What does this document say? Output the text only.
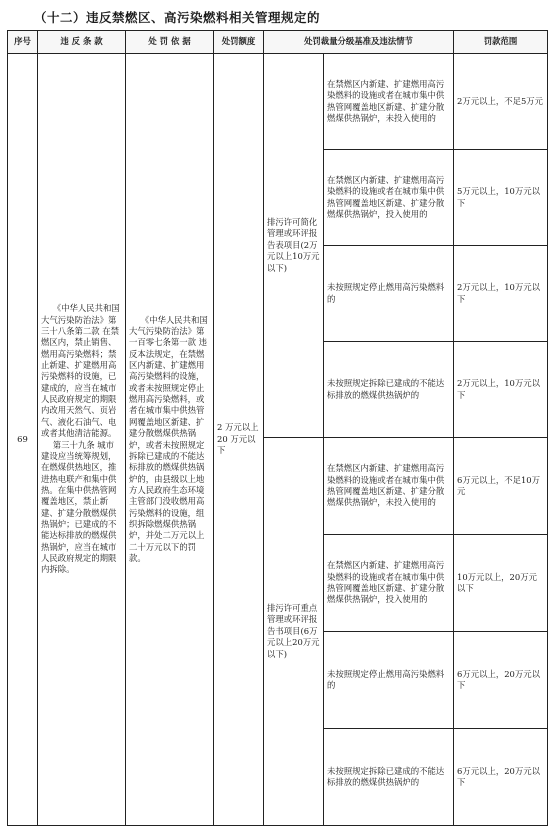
（十二）违反禁燃区、高污染燃料相关管理规定的
序号	违 反 条 款	处 罚 依 据	处罚额度	处罚裁量分级基准及违法情节		罚款范围
69	《中华人民共和国大气污染防治法》第三十八条第二款 在禁燃区内，禁止销售、燃用高污染燃料；禁止新建、扩建燃用高污染燃料的设施，已建成的，应当在城市人民政府规定的期限内改用天然气、页岩气、液化石油气、电或者其他清洁能源。
第三十九条 城市建设应当统筹规划，在燃煤供热地区，推进热电联产和集中供热。在集中供热管网覆盖地区，禁止新建、扩建分散燃煤供热锅炉；已建成的不能达标排放的燃煤供热锅炉，应当在城市人民政府规定的期限内拆除。	《中华人民共和国大气污染防治法》第一百零七条第一款 违反本法规定，在禁燃区内新建、扩建燃用高污染燃料的设施，或者未按照规定停止燃用高污染燃料，或者在城市集中供热管网覆盖地区新建、扩建分散燃煤供热锅炉，或者未按照规定拆除已建成的不能达标排放的燃煤供热锅炉的，由县级以上地方人民政府生态环境主管部门没收燃用高污染燃料的设施，组织拆除燃煤供热锅炉，并处二万元以上二十万元以下的罚款。	2 万元以上 20 万元以下	排污许可简化管理或环评报告表项目(2万元以上10万元以下)	在禁燃区内新建、扩建燃用高污染燃料的设施或者在城市集中供热管网覆盖地区新建、扩建分散燃煤供热锅炉，未投入使用的	2万元以上，不足5万元
					在禁燃区内新建、扩建燃用高污染燃料的设施或者在城市集中供热管网覆盖地区新建、扩建分散燃煤供热锅炉，投入使用的	5万元以上，10万元以下
					未按照规定停止燃用高污染燃料的	2万元以上，10万元以下
					未按照规定拆除已建成的不能达标排放的燃煤供热锅炉的	2万元以上，10万元以下
				排污许可重点管理或环评报告书项目(6万元以上20万元以下)	在禁燃区内新建、扩建燃用高污染燃料的设施或者在城市集中供热管网覆盖地区新建、扩建分散燃煤供热锅炉，未投入使用的	6万元以上，不足10万元
					在禁燃区内新建、扩建燃用高污染燃料的设施或者在城市集中供热管网覆盖地区新建、扩建分散燃煤供热锅炉，投入使用的	10万元以上，20万元以下
					未按照规定停止燃用高污染燃料的	6万元以上，20万元以下
					未按照规定拆除已建成的不能达标排放的燃煤供热锅炉的	6万元以上，20万元以下
